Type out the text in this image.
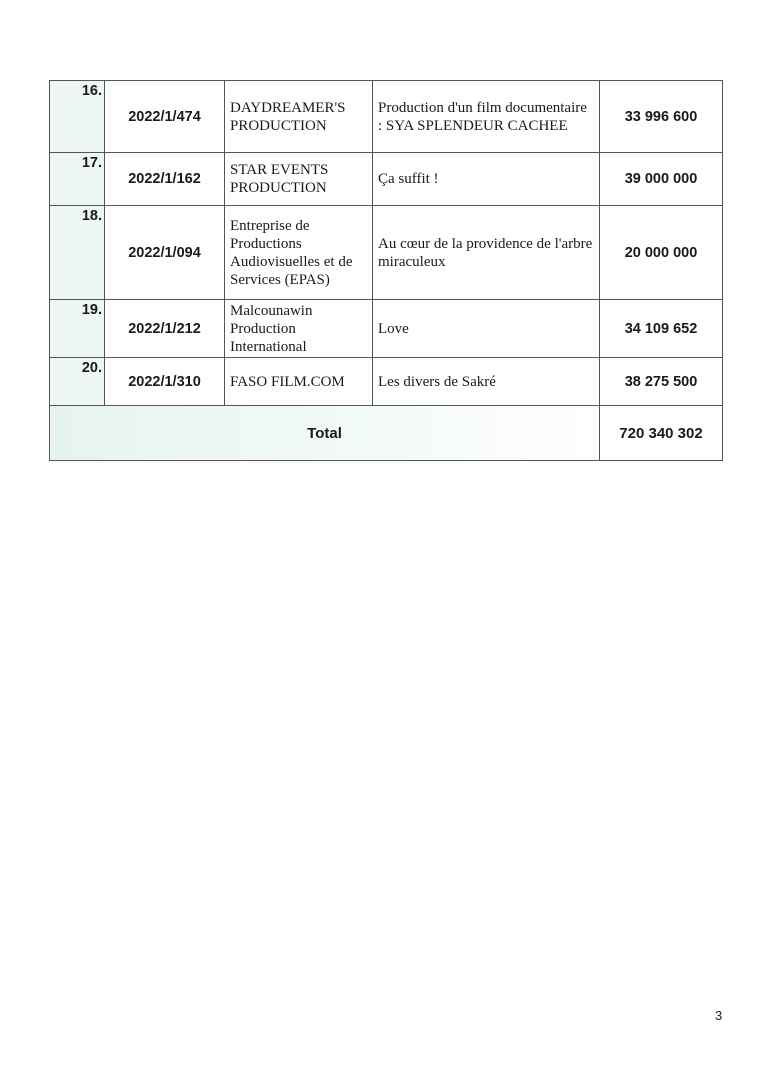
16.	2022/1/474	DAYDREAMER'S PRODUCTION	Production d'un film documentaire : SYA SPLENDEUR CACHEE	33 996 600
17.	2022/1/162	STAR EVENTS PRODUCTION	Ça suffit !	39 000 000
18.	2022/1/094	Entreprise de Productions Audiovisuelles et de Services (EPAS)	Au cœur de la providence de l'arbre miraculeux	20 000 000
19.	2022/1/212	Malcounawin Production International	Love	34 109 652
20.	2022/1/310	FASO FILM.COM	Les divers de Sakré	38 275 500
Total				720 340 302
3
